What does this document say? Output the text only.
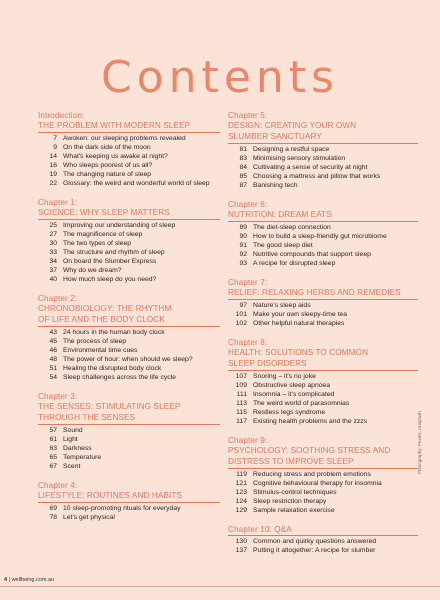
Contents
Introduction:
THE PROBLEM WITH MODERN SLEEP
7 Awoken: our sleeping problems revealed
9 On the dark side of the moon
14 What's keeping us awake at night?
16 Who sleeps poorest of us all?
19 The changing nature of sleep
22 Glossary: the weird and wonderful world of sleep
Chapter 1:
SCIENCE: WHY SLEEP MATTERS
25 Improving our understanding of sleep
27 The magnificence of sleep
30 The two types of sleep
33 The structure and rhythm of sleep
34 On board the Slumber Express
37 Why do we dream?
40 How much sleep do you need?
Chapter 2:
CHRONOBIOLOGY: THE RHYTHM
OF LIFE AND THE BODY CLOCK
43 24 hours in the human body clock
45 The process of sleep
46 Environmental time cues
48 The power of hour: when should we sleep?
51 Healing the disrupted body clock
54 Sleep challenges across the life cycle
Chapter 3:
THE SENSES: STIMULATING SLEEP
THROUGH THE SENSES
57 Sound
61 Light
63 Darkness
65 Temperature
67 Scent
Chapter 4:
LIFESTYLE: ROUTINES AND HABITS
69 10 sleep-promoting rituals for everyday
78 Let's get physical
Chapter 5:
DESIGN: CREATING YOUR OWN
SLUMBER SANCTUARY
81 Designing a restful space
83 Minimising sensory stimulation
84 Cultivating a sense of security at night
85 Choosing a mattress and pillow that works
87 Banishing tech
Chapter 6:
NUTRITION: DREAM EATS
89 The diet-sleep connection
90 How to build a sleep-friendly gut microbiome
91 The good sleep diet
92 Nutritive compounds that support sleep
93 A recipe for disrupted sleep
Chapter 7:
RELIEF: RELAXING HERBS AND REMEDIES
97 Nature's sleep aids
101 Make your own sleepy-time tea
102 Other helpful natural therapies
Chapter 8:
HEALTH: SOLUTIONS TO COMMON
SLEEP DISORDERS
107 Snoring – it's no joke
109 Obstructive sleep apnoea
111 Insomnia – it's complicated
113 The weird world of parasomnias
115 Restless legs syndrome
117 Existing health problems and the zzzs
Chapter 9:
PSYCHOLOGY: SOOTHING STRESS AND
DISTRESS TO IMPROVE SLEEP
119 Reducing stress and problem emotions
121 Cognitive behavioural therapy for insomnia
123 Stimulus-control techniques
124 Sleep restriction therapy
129 Sample relaxation exercise
Chapter 10: Q&A
130 Common and quirky questions answered
137 Putting it altogether: A recipe for slumber
Photography: Pexels, Unsplash
4 | wellbeing.com.au
